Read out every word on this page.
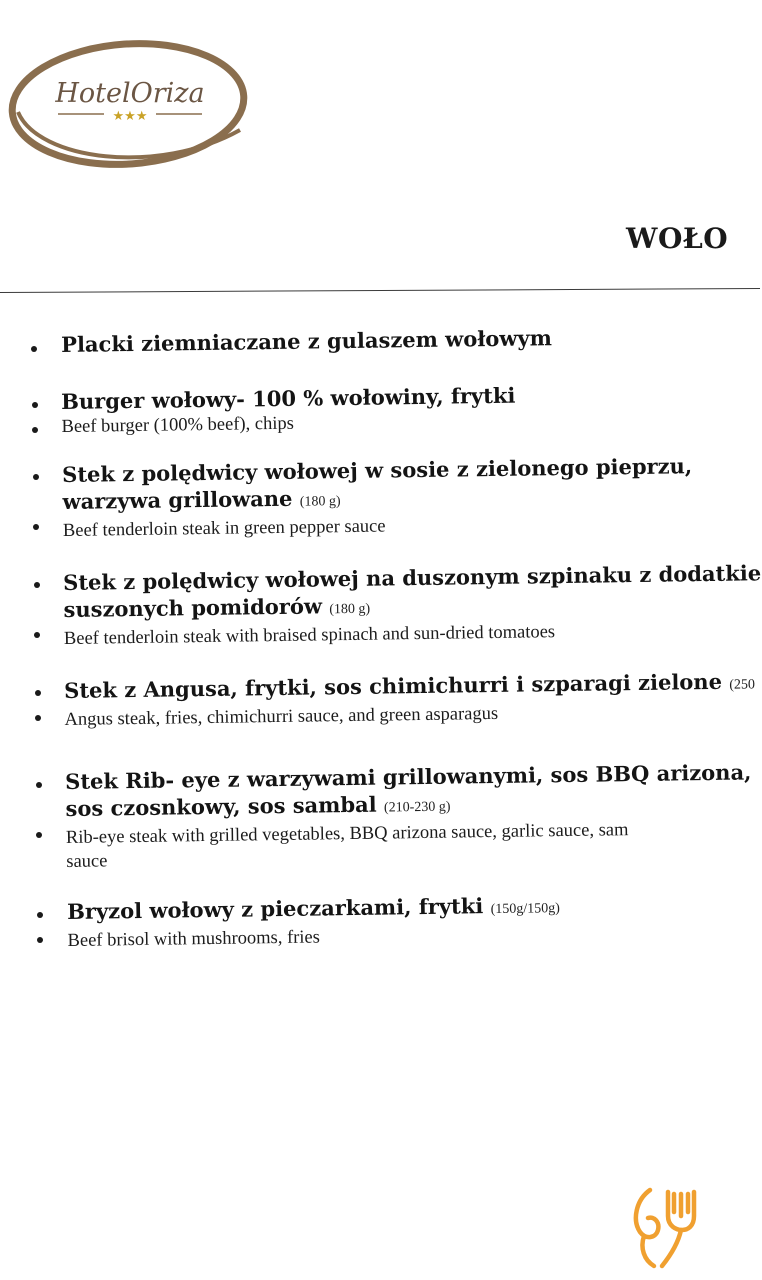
HotelOriza
★★★
WOŁO
Placki ziemniaczane z gulaszem wołowym
Burger wołowy- 100 % wołowiny, frytki
Beef burger (100% beef), chips
Stek z polędwicy wołowej w sosie z zielonego pieprzu,
warzywa grillowane (180 g)
Beef tenderloin steak in green pepper sauce
Stek z polędwicy wołowej na duszonym szpinaku z dodatkie
suszonych pomidorów (180 g)
Beef tenderloin steak with braised spinach and sun-dried tomatoes
Stek z Angusa, frytki, sos chimichurri i szparagi zielone (250
Angus steak, fries, chimichurri sauce, and green asparagus
Stek Rib- eye z warzywami grillowanymi, sos BBQ arizona,
sos czosnkowy, sos sambal (210-230 g)
Rib-eye steak with grilled vegetables, BBQ arizona sauce, garlic sauce, sam
sauce
Bryzol wołowy z pieczarkami, frytki (150g/150g)
Beef brisol with mushrooms, fries
